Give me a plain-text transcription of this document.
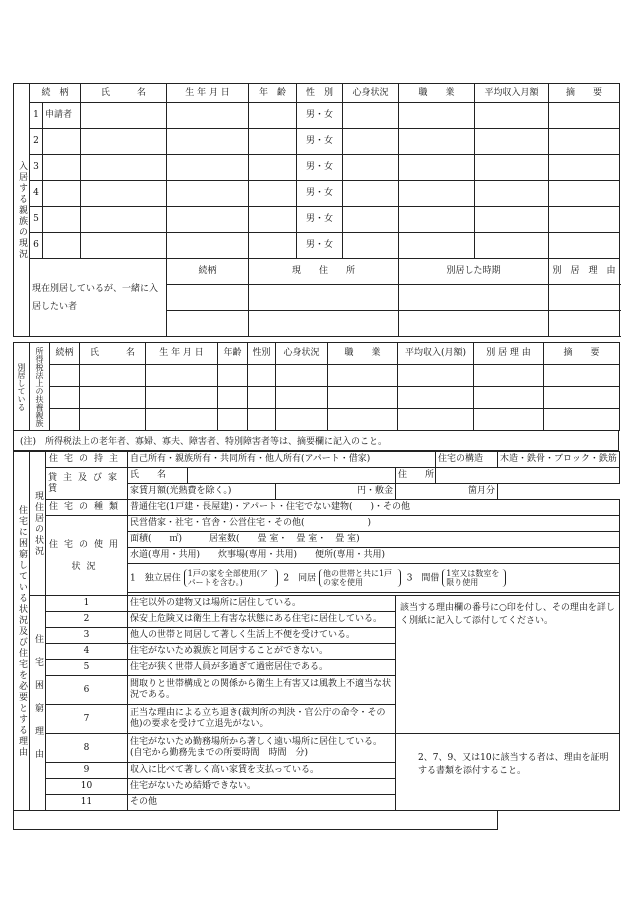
入居する親族の現況	続　柄		氏　　　名	生 年 月 日	年　齢	性　別	心身状況	職　　業	平均収入月額	摘　　要
	1	申請者				男・女				
	2					男・女				
	3					男・女				
	4					男・女				
	5					男・女				
	6					男・女				
	現在別居しているが、一緒に入居したい者			続柄	現　　住　　所			別居した時期		別　居　理　由

別居している	所得税法上の扶養親族	続柄	氏　　　名	生 年 月 日	年齢	性別	心身状況	職　　業	平均収入(月額)	別 居 理 由	摘　　要

(注)　所得税法上の老年者、寡婦、寡夫、障害者、特別障害者等は、摘要欄に記入のこと。
住宅に困窮している状況及び住宅を必要とする理由	現住居の状況	住宅の持主	自己所有・親族所有・共同所有・他人所有(アパート・借家)				住宅の構造	木造・鉄骨・ブロック・鉄筋
		貸主及び家賃	氏　　名			住　　所		
			家賃月額(光熱費を除く。)		円・敷金	箇月分		
		住宅の種類	普通住宅(1戸建・長屋建)・アパート・住宅でない建物(　　)・その他					
		住宅の使用状況	民営借家・社宅・官舎・公営住宅・その他(　　　　　　　)					
			面積(　　㎡)　　　居室数(　　畳 室・　畳 室・　畳 室)					
			水道(専用・共用)　　炊事場(専用・共用)　　便所(専用・共用)					
			1　独立居住 1戸の家を全部使用(アパートを含む。) 2　同居 他の世帯と共に1戸の家を使用 3　間借 1室又は数室を限り使用					

	住宅困窮理由	1	住宅以外の建物又は場所に居住している。			該当する理由欄の番号に○印を付し、その理由を詳しく別紙に記入して添付してください。		
		2	保安上危険又は衛生上有害な状態にある住宅に居住している。					
		3	他人の世帯と同居して著しく生活上不便を受けている。					
		4	住宅がないため親族と同居することができない。					
		5	住宅が狭く世帯人員が多過ぎて過密居住である。					
		6	間取りと世帯構成との関係から衛生上有害又は風教上不適当な状況である。					
		7	正当な理由による立ち退き(裁判所の判決・官公庁の命令・その他)の要求を受けて立退先がない。					
		8	住宅がないため勤務場所から著しく遠い場所に居住している。(自宅から勤務先までの所要時間　時間　分)			2、7、9、又は10に該当する者は、理由を証明する書類を添付すること。		
		9	収入に比べて著しく高い家賃を支払っている。					
		10	住宅がないため結婚できない。					
		11	その他					
